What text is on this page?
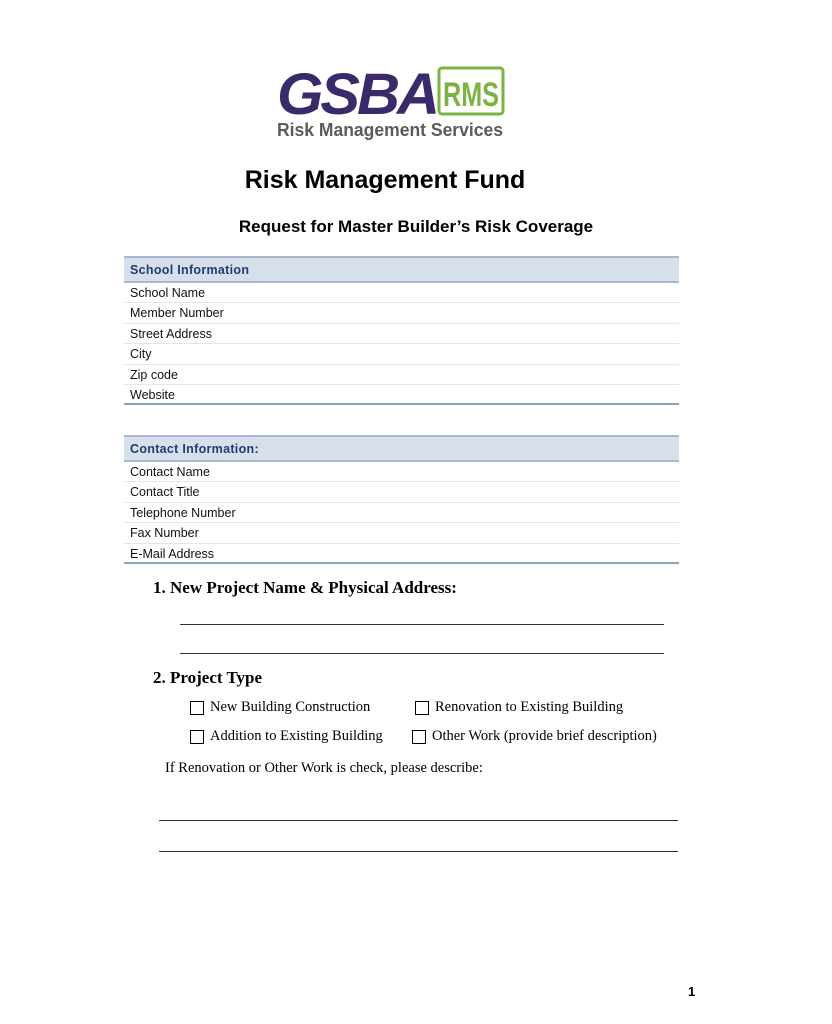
GSBA RMS
Risk Management Services
Risk Management Fund
Request for Master Builder’s Risk Coverage
School Information
School Name
Member Number
Street Address
City
Zip code
Website
Contact Information:
Contact Name
Contact Title
Telephone Number
Fax Number
E-Mail Address
1. New Project Name & Physical Address:
2. Project Type
New Building Construction	Renovation to Existing Building
Addition to Existing Building	Other Work (provide brief description)
If Renovation or Other Work is check, please describe:
1
